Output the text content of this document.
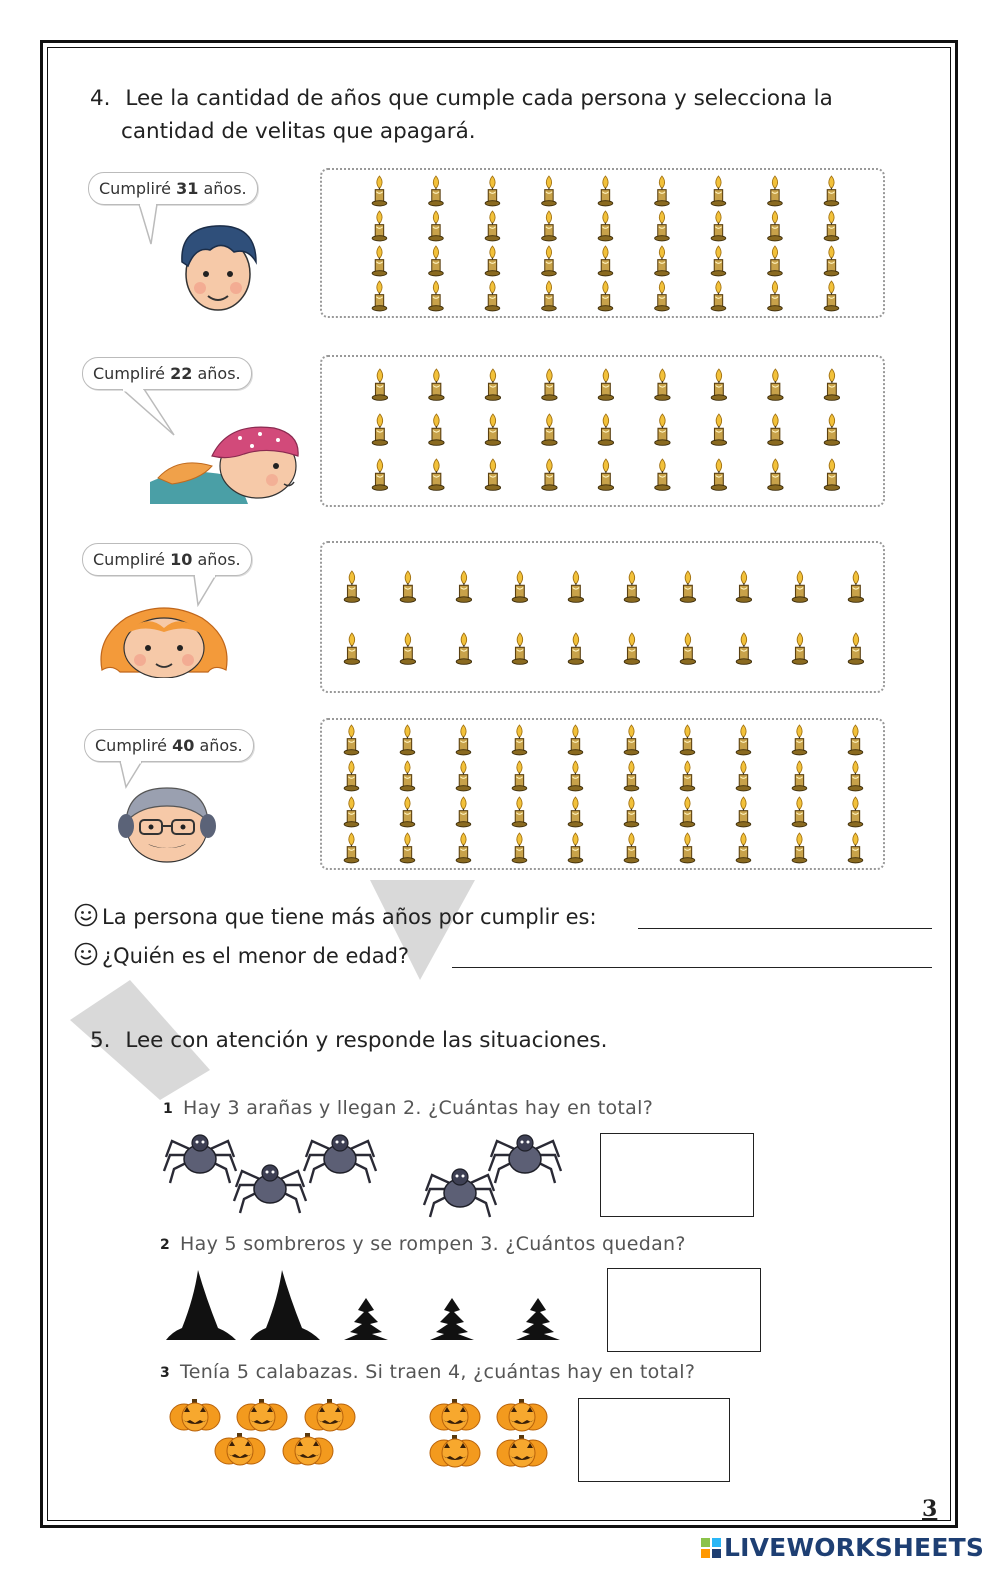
4. Lee la cantidad de años que cumple cada persona y selecciona la
cantidad de velitas que apagará.
Cumpliré 31 años.
Cumpliré 22 años.
Cumpliré 10 años.
Cumpliré 40 años.
La persona que tiene más años por cumplir es:
¿Quién es el menor de edad?
5. Lee con atención y responde las situaciones.
1 Hay 3 arañas y llegan 2. ¿Cuántas hay en total?
2 Hay 5 sombreros y se rompen 3. ¿Cuántos quedan?
3 Tenía 5 calabazas. Si traen 4, ¿cuántas hay en total?
3
LIVEWORKSHEETS
